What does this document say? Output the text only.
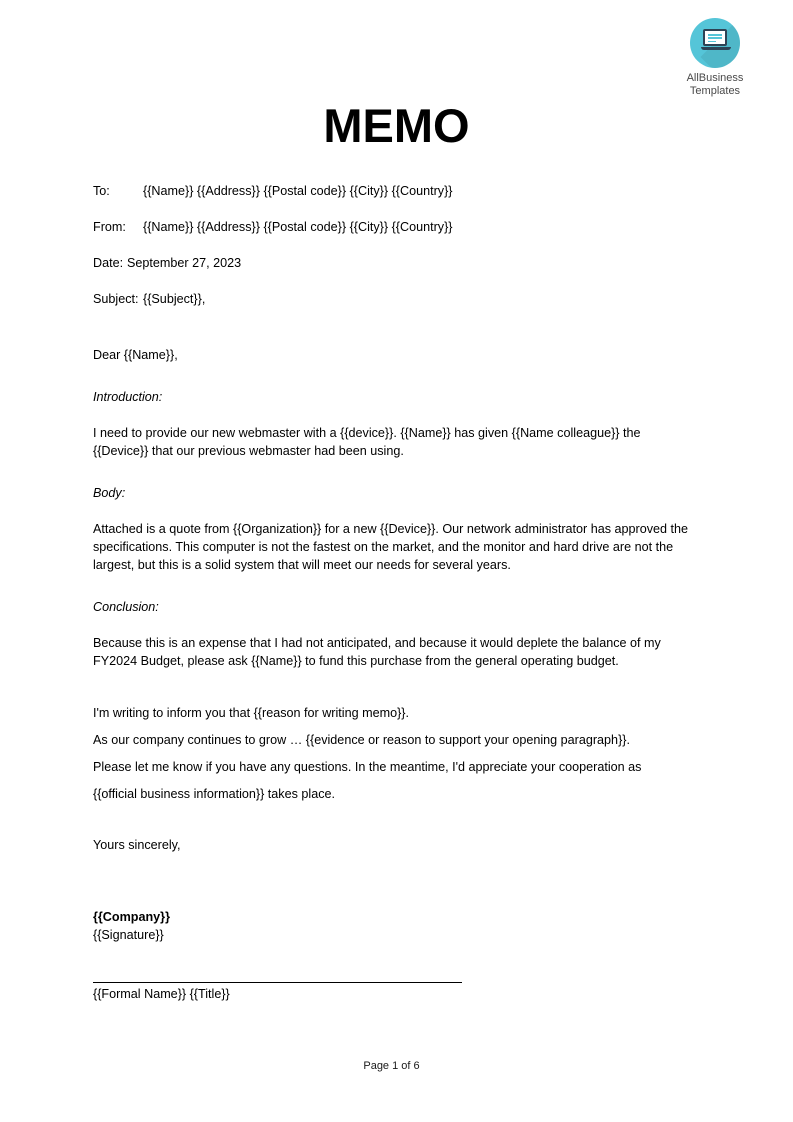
AllBusiness
Templates
MEMO
To:	{{Name}} {{Address}} {{Postal code}} {{City}} {{Country}}
From:	{{Name}} {{Address}} {{Postal code}} {{City}} {{Country}}
Date: September 27, 2023
Subject: {{Subject}},
Dear {{Name}},
Introduction:
I need to provide our new webmaster with a {{device}}. {{Name}} has given {{Name colleague}} the {{Device}} that our previous webmaster had been using.
Body:
Attached is a quote from {{Organization}} for a new {{Device}}. Our network administrator has approved the specifications. This computer is not the fastest on the market, and the monitor and hard drive are not the largest, but this is a solid system that will meet our needs for several years.
Conclusion:
Because this is an expense that I had not anticipated, and because it would deplete the balance of my FY2024 Budget, please ask {{Name}} to fund this purchase from the general operating budget.
I'm writing to inform you that {{reason for writing memo}}.
As our company continues to grow … {{evidence or reason to support your opening paragraph}}.
Please let me know if you have any questions. In the meantime, I'd appreciate your cooperation as
{{official business information}} takes place.
Yours sincerely,
{{Company}}
{{Signature}}
{{Formal Name}} {{Title}}
Page 1 of 6
